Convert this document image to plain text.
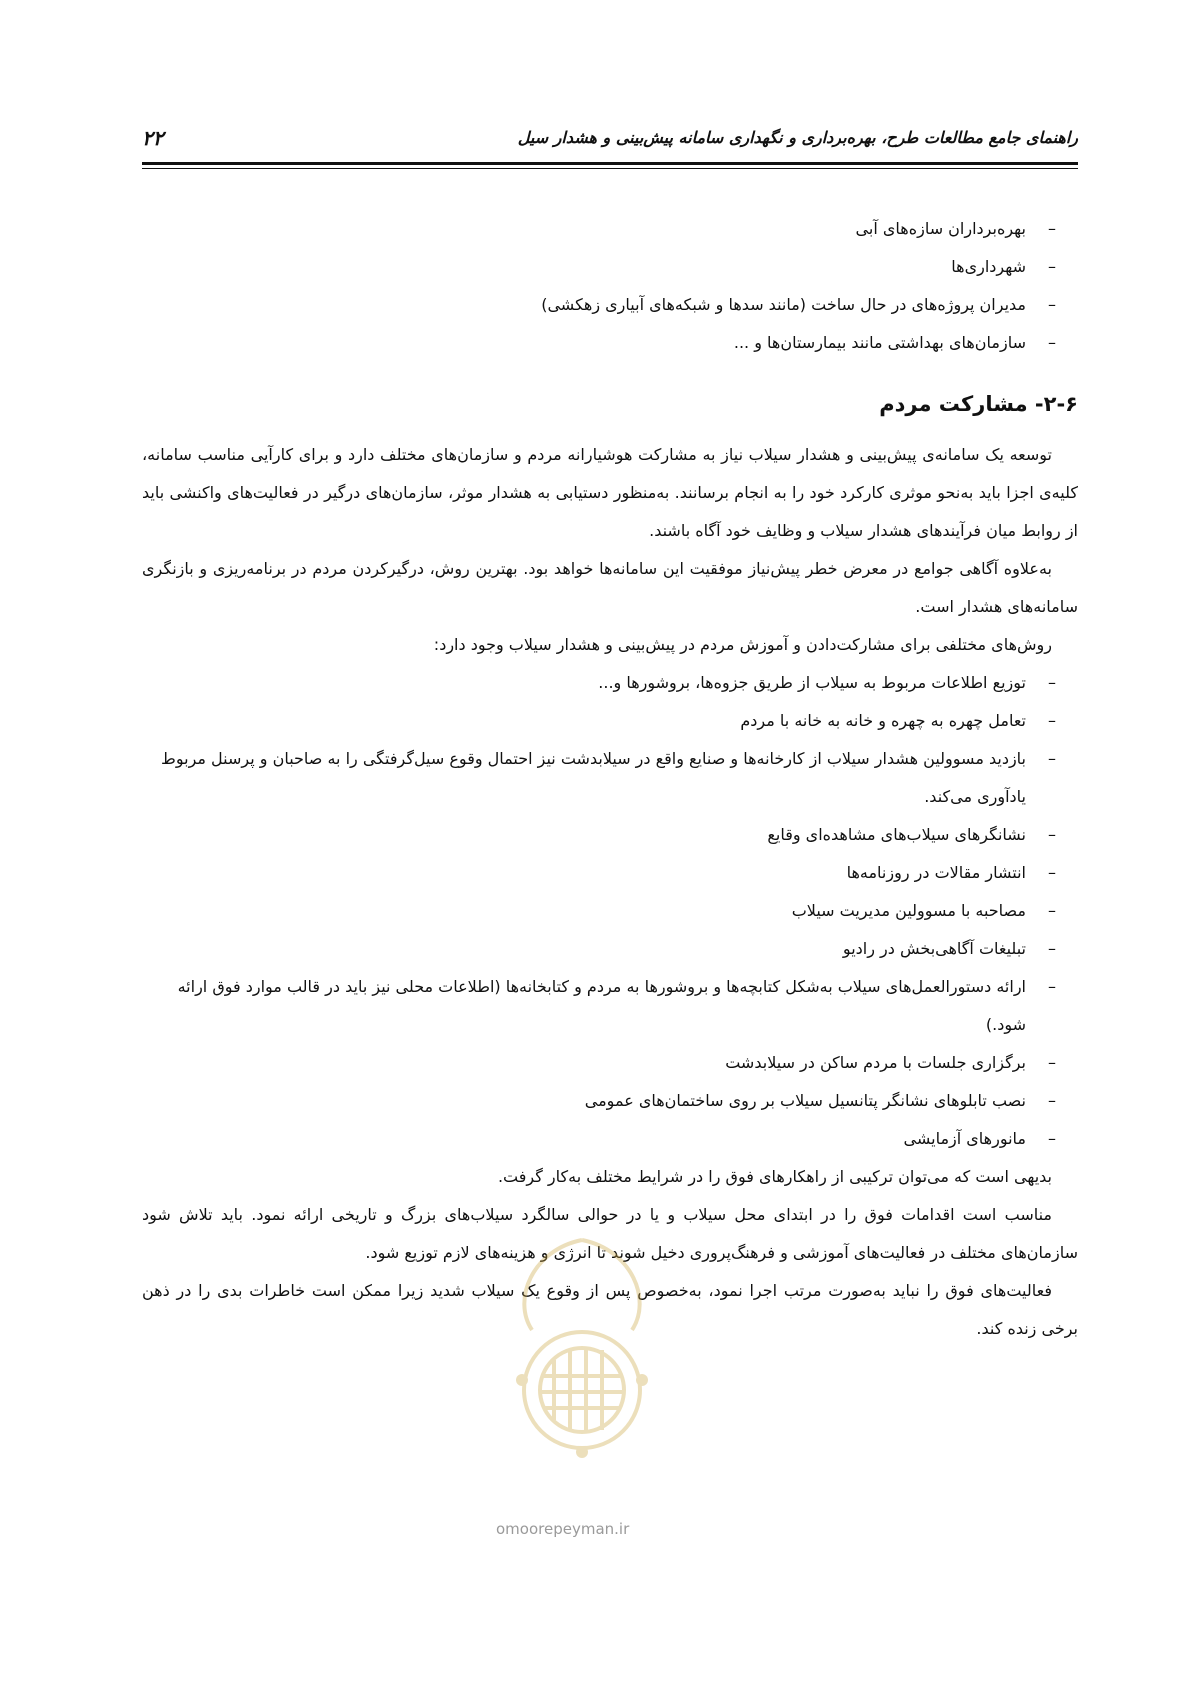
راهنمای جامع مطالعات طرح، بهره‌برداری و نگهداری سامانه پیش‌بینی و هشدار سیل
۲۲
–
بهره‌برداران سازه‌های آبی
–
شهرداری‌ها
–
مدیران پروژه‌های در حال ساخت (مانند سدها و شبکه‌های آبیاری زهکشی)
–
سازمان‌های بهداشتی مانند بیمارستان‌ها و ...
۲-۶- مشارکت مردم

توسعه یک سامانه‌ی پیش‌بینی و هشدار سیلاب نیاز به مشارکت هوشیارانه مردم و سازمان‌های مختلف دارد و برای کارآیی مناسب سامانه، کلیه‌ی اجزا باید به‌نحو موثری کارکرد خود را به انجام برسانند. به‌منظور دستیابی به هشدار موثر، سازمان‌های درگیر در فعالیت‌های واکنشی باید از روابط میان فرآیندهای هشدار سیلاب و وظایف خود آگاه باشند.

به‌علاوه آگاهی جوامع در معرض خطر پیش‌نیاز موفقیت این سامانه‌ها خواهد بود. بهترین روش، درگیرکردن مردم در برنامه‌ریزی و بازنگری سامانه‌های هشدار است.

روش‌های مختلفی برای مشارکت‌دادن و آموزش مردم در پیش‌بینی و هشدار سیلاب وجود دارد:

–
توزیع اطلاعات مربوط به سیلاب از طریق جزوه‌ها، بروشورها و...
–
تعامل چهره به چهره و خانه به خانه با مردم
–
بازدید مسوولین هشدار سیلاب از کارخانه‌ها و صنایع واقع در سیلابدشت نیز احتمال وقوع سیل‌گرفتگی را به صاحبان و پرسنل مربوط یادآوری می‌کند.
–
نشانگرهای سیلاب‌های مشاهده‌ای وقایع
–
انتشار مقالات در روزنامه‌ها
–
مصاحبه با مسوولین مدیریت سیلاب
–
تبلیغات آگاهی‌بخش در رادیو
–
ارائه دستورالعمل‌های سیلاب به‌شکل کتابچه‌ها و بروشورها به مردم و کتابخانه‌ها (اطلاعات محلی نیز باید در قالب موارد فوق ارائه شود.)
–
برگزاری جلسات با مردم ساکن در سیلابدشت
–
نصب تابلوهای نشانگر پتانسیل سیلاب بر روی ساختمان‌های عمومی
–
مانورهای آزمایشی

بدیهی است که می‌توان ترکیبی از راهکارهای فوق را در شرایط مختلف به‌کار گرفت.

مناسب است اقدامات فوق را در ابتدای محل سیلاب و یا در حوالی سالگرد سیلاب‌های بزرگ و تاریخی ارائه نمود. باید تلاش شود سازمان‌های مختلف در فعالیت‌های آموزشی و فرهنگ‌پروری دخیل شوند تا انرژی و هزینه‌های لازم توزیع شود.

فعالیت‌های فوق را نباید به‌صورت مرتب اجرا نمود، به‌خصوص پس از وقوع یک سیلاب شدید زیرا ممکن است خاطرات بدی را در ذهن برخی زنده کند.

omoorepeyman.ir
